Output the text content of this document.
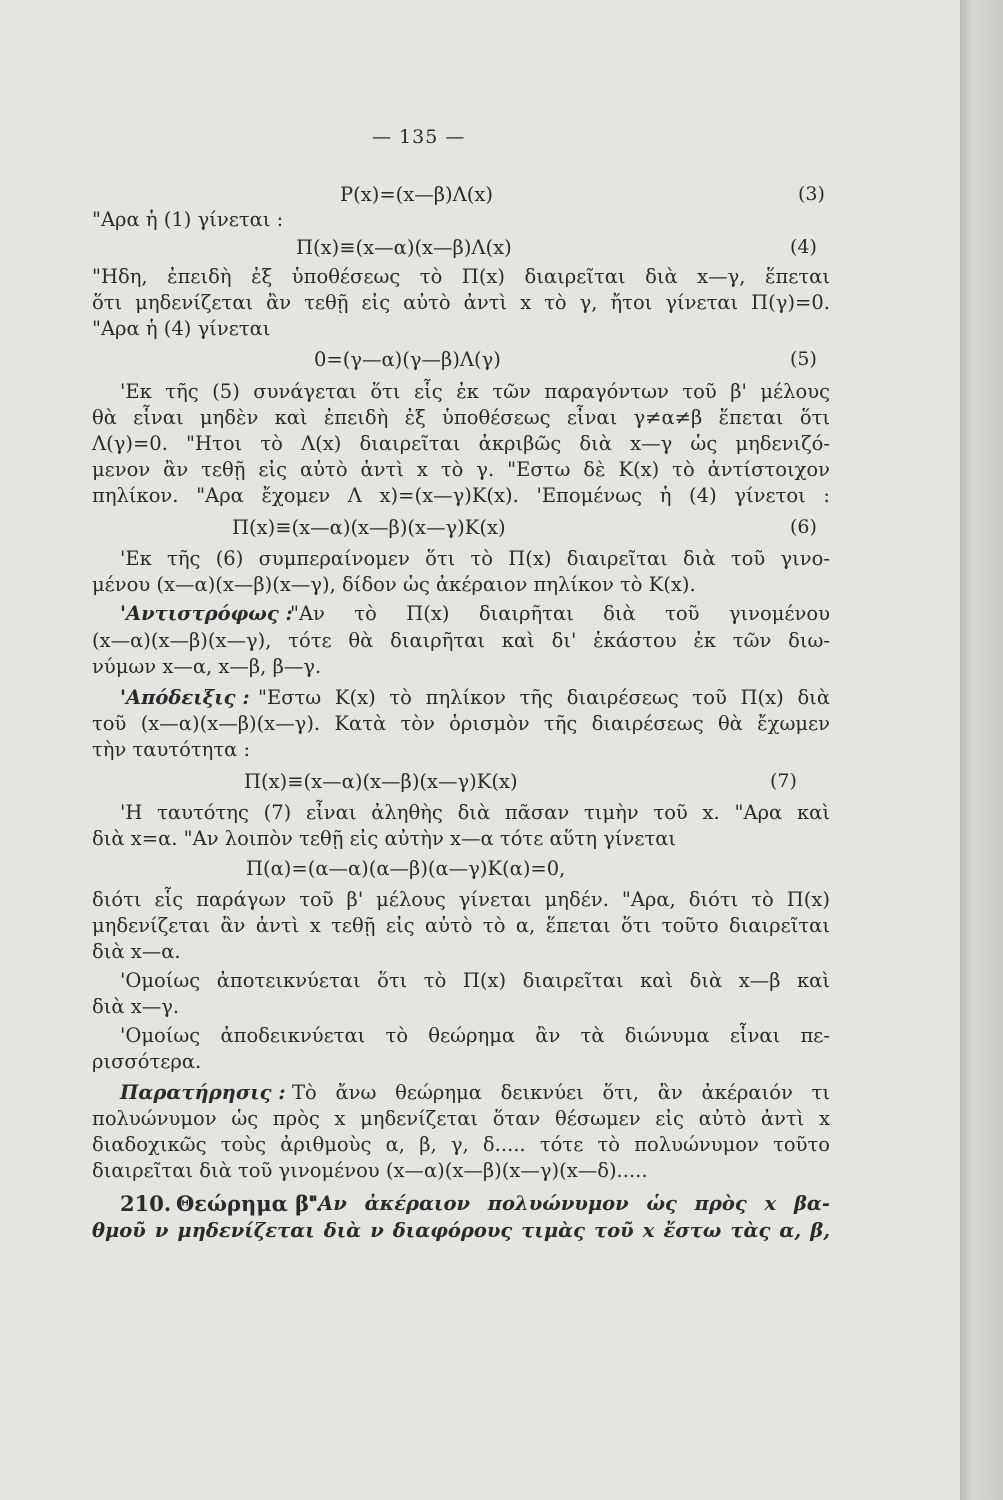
— 135 —
P(x)=(x—β)Λ(x)	(3)
"Αρα ἡ (1) γίνεται :
Π(x)≡(x—α)(x—β)Λ(x)	(4)
"Ηδη, ἐπειδὴ ἐξ ὑποθέσεως τὸ Π(x) διαιρεῖται διὰ x—γ, ἕπεται
ὅτι μηδενίζεται ἂν τεθῇ εἰς αὐτὸ ἀντὶ x τὸ γ, ἤτοι γίνεται Π(γ)=0.
"Αρα ἡ (4) γίνεται
0=(γ—α)(γ—β)Λ(γ)	(5)
'Εκ τῆς (5) συνάγεται ὅτι εἷς ἐκ τῶν παραγόντων τοῦ β' μέλους
θὰ εἶναι μηδὲν καὶ ἐπειδὴ ἐξ ὑποθέσεως εἶναι γ≠α≠β ἕπεται ὅτι
Λ(γ)=0. "Ητοι τὸ Λ(x) διαιρεῖται ἀκριβῶς διὰ x—γ ὡς μηδενιζό-
μενον ἂν τεθῇ εἰς αὐτὸ ἀντὶ x τὸ γ. "Εστω δὲ K(x) τὸ ἀντίστοιχον
πηλίκον. "Αρα ἔχομεν Λ x)=(x—γ)K(x). 'Επομένως ἡ (4) γίνετοι :
Π(x)≡(x—α)(x—β)(x—γ)K(x)	(6)
'Εκ τῆς (6) συμπεραίνομεν ὅτι τὸ Π(x) διαιρεῖται διὰ τοῦ γινο-
μένου (x—α)(x—β)(x—γ), δίδον ὡς ἀκέραιον πηλίκον τὸ K(x).
'Αντιστρόφως :
"Αν τὸ Π(x) διαιρῆται διὰ τοῦ γινομένου
(x—α)(x—β)(x—γ), τότε θὰ διαιρῆται καὶ δι' ἑκάστου ἐκ τῶν διω-
νύμων x—α, x—β, β—γ.
'Απόδειξις : "Εστω K(x) τὸ πηλίκον τῆς διαιρέσεως τοῦ Π(x) διὰ
τοῦ (x—α)(x—β)(x—γ). Κατὰ τὸν ὁρισμὸν τῆς διαιρέσεως θὰ ἔχωμεν
τὴν ταυτότητα :
Π(x)≡(x—α)(x—β)(x—γ)K(x)	(7)
'Η ταυτότης (7) εἶναι ἀληθὴς διὰ πᾶσαν τιμὴν τοῦ x. "Αρα καὶ
διὰ x=α. "Αν λοιπὸν τεθῇ εἰς αὐτὴν x—α τότε αὕτη γίνεται
Π(α)=(α—α)(α—β)(α—γ)K(α)=0,
διότι εἷς παράγων τοῦ β' μέλους γίνεται μηδέν. "Αρα, διότι τὸ Π(x)
μηδενίζεται ἂν ἀντὶ x τεθῇ εἰς αὐτὸ τὸ α, ἕπεται ὅτι τοῦτο διαιρεῖται
διὰ x—α.
'Ομοίως ἀποτεικνύεται ὅτι τὸ Π(x) διαιρεῖται καὶ διὰ x—β καὶ
διὰ x—γ.
'Ομοίως ἀποδεικνύεται τὸ θεώρημα ἂν τὰ διώνυμα εἶναι πε-
ρισσότερα.
Παρατήρησις : Τὸ ἄνω θεώρημα δεικνύει ὅτι, ἂν ἀκέραιόν τι
πολυώνυμον ὡς πρὸς x μηδενίζεται ὅταν θέσωμεν εἰς αὐτὸ ἀντὶ x
διαδοχικῶς τοὺς ἀριθμοὺς α, β, γ, δ..... τότε τὸ πολυώνυμον τοῦτο
διαιρεῖται διὰ τοῦ γινομένου (x—α)(x—β)(x—γ)(x—δ).....
210. Θεώρημα β'.
"Αν ἀκέραιον πολυώνυμον ὡς πρὸς x βα-
θμοῦ ν μηδενίζεται διὰ ν διαφόρους τιμὰς τοῦ x ἔστω τὰς α, β,
